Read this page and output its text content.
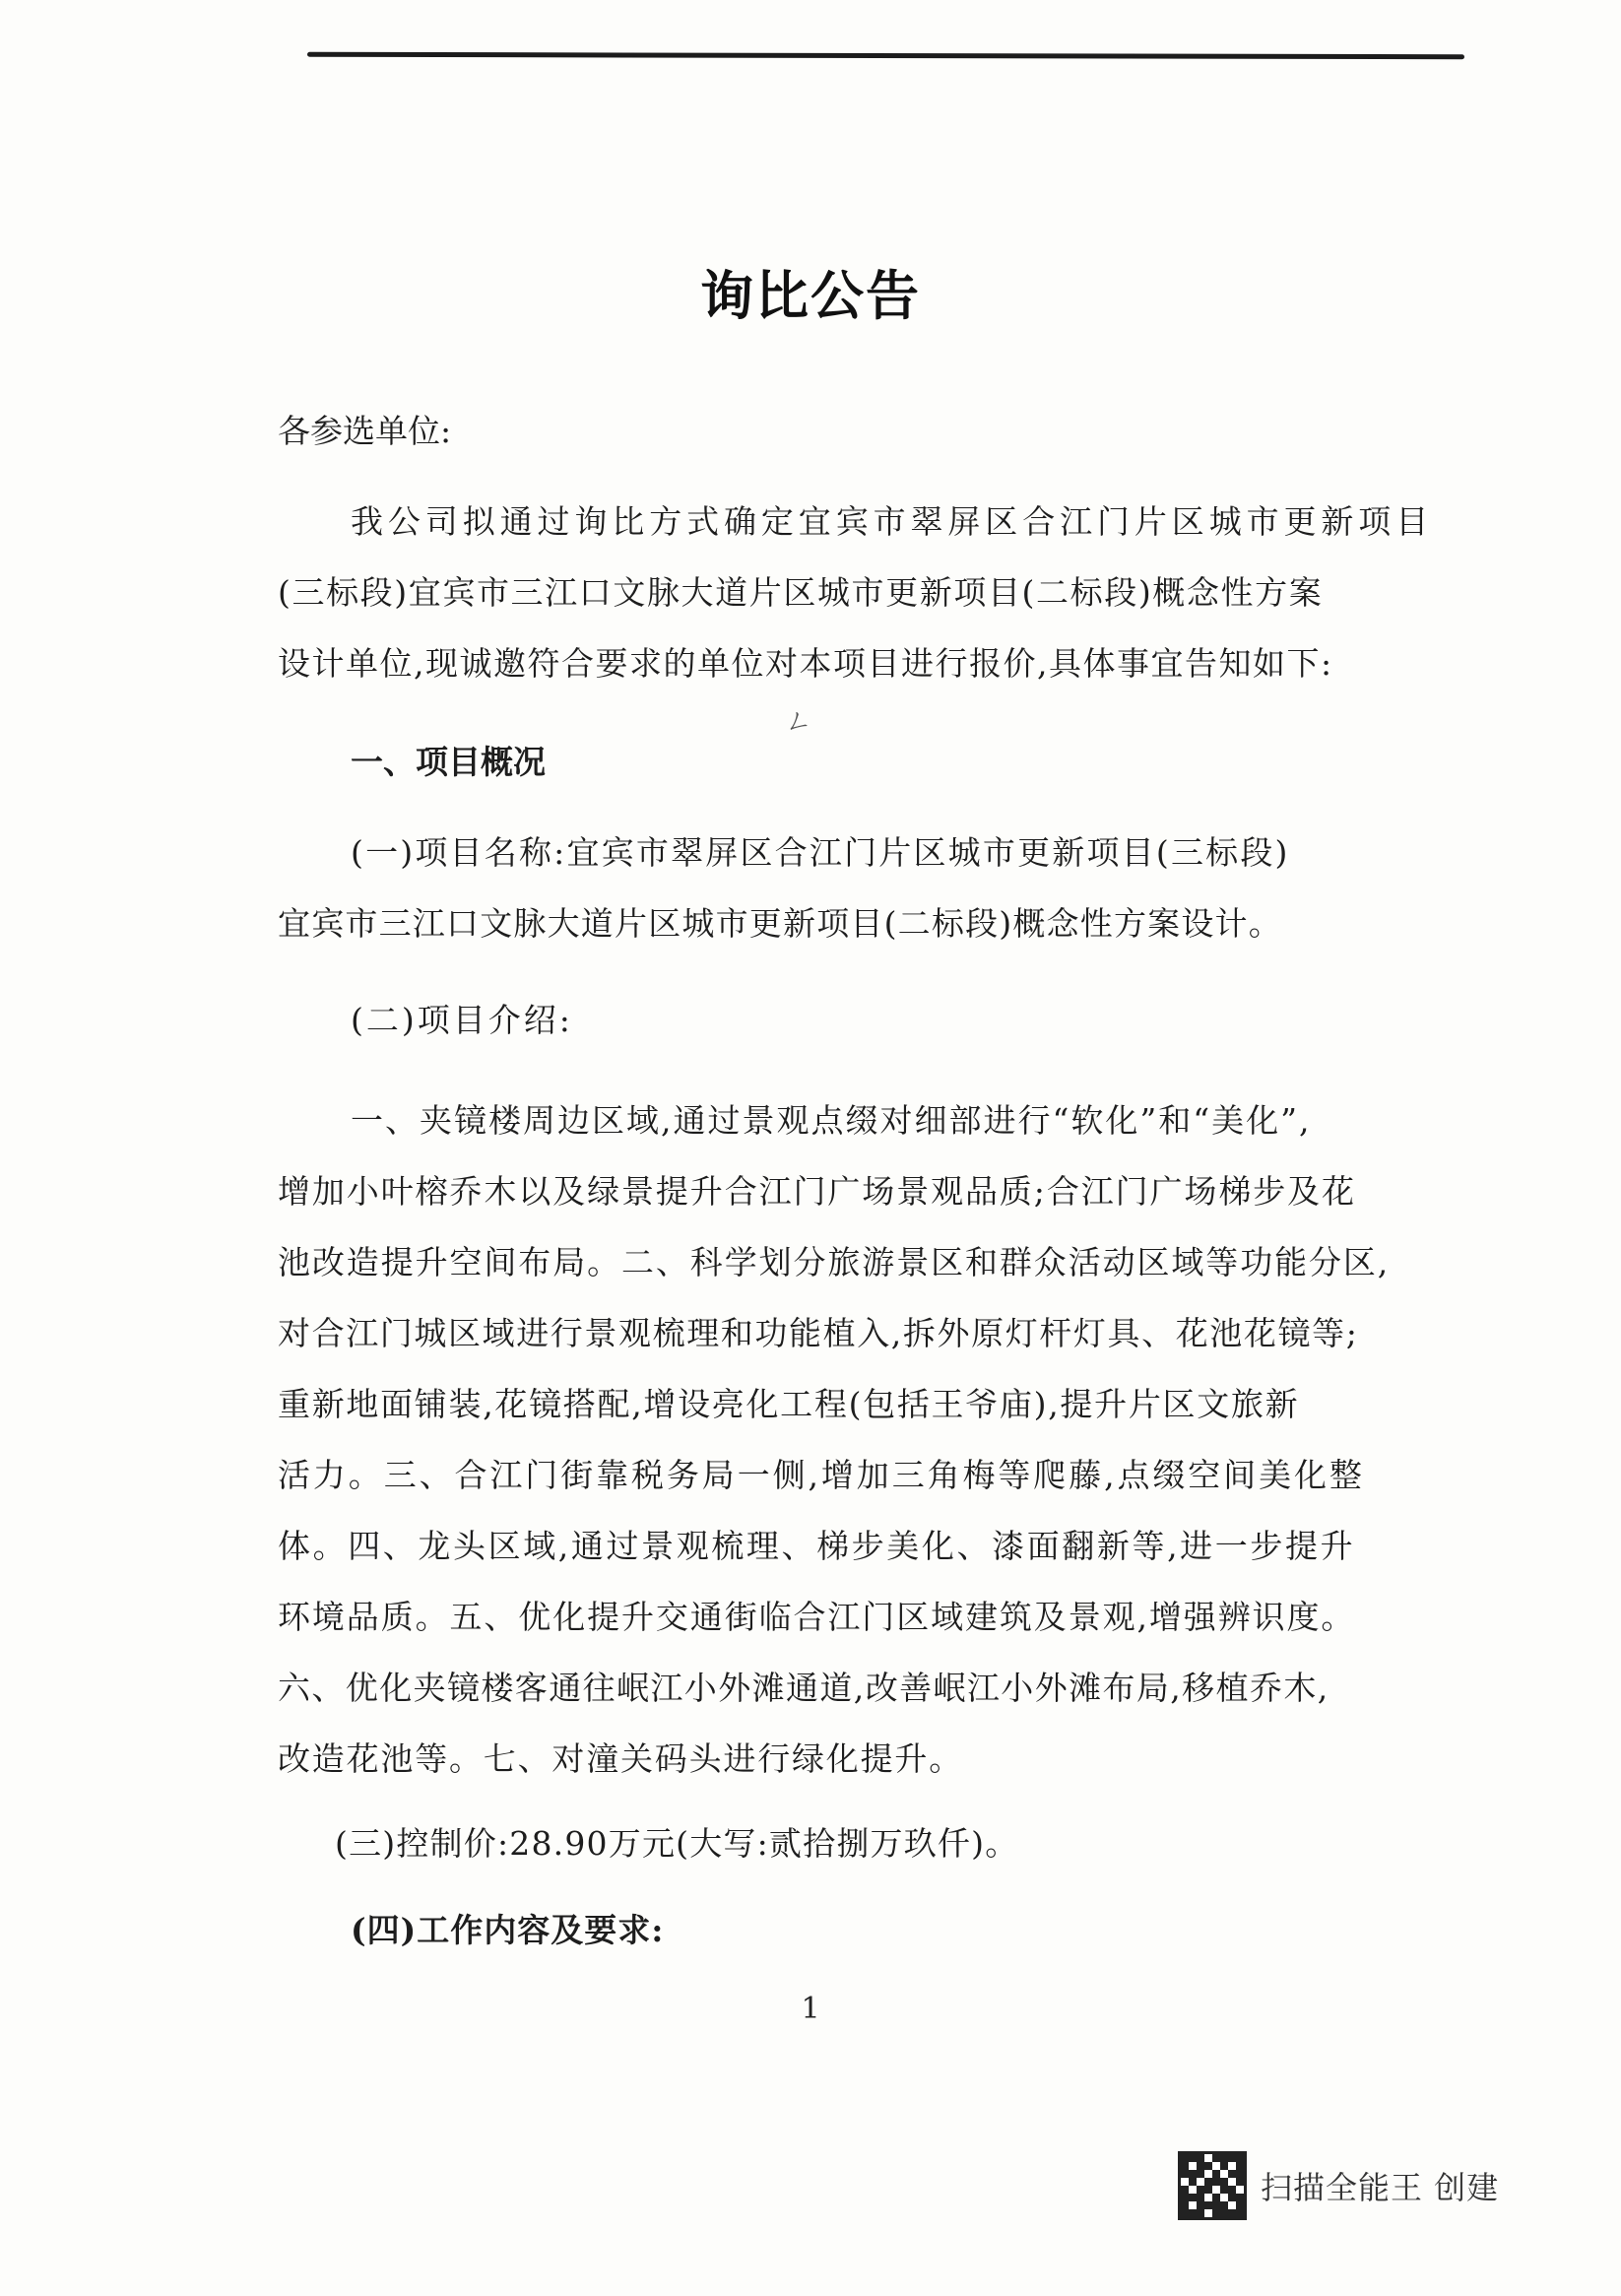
询比公告
各参选单位:
我公司拟通过询比方式确定宜宾市翠屏区合江门片区城市更新项目
(三标段)宜宾市三江口文脉大道片区城市更新项目(二标段)概念性方案
设计单位,现诚邀符合要求的单位对本项目进行报价,具体事宜告知如下:
ㄥ
一、项目概况
(一)项目名称:宜宾市翠屏区合江门片区城市更新项目(三标段)
宜宾市三江口文脉大道片区城市更新项目(二标段)概念性方案设计。
(二)项目介绍:
一、夹镜楼周边区域,通过景观点缀对细部进行“软化”和“美化”,
增加小叶榕乔木以及绿景提升合江门广场景观品质;合江门广场梯步及花
池改造提升空间布局。二、科学划分旅游景区和群众活动区域等功能分区,
对合江门城区域进行景观梳理和功能植入,拆外原灯杆灯具、花池花镜等;
重新地面铺装,花镜搭配,增设亮化工程(包括王爷庙),提升片区文旅新
活力。三、合江门街靠税务局一侧,增加三角梅等爬藤,点缀空间美化整
体。四、龙头区域,通过景观梳理、梯步美化、漆面翻新等,进一步提升
环境品质。五、优化提升交通街临合江门区域建筑及景观,增强辨识度。
六、优化夹镜楼客通往岷江小外滩通道,改善岷江小外滩布局,移植乔木,
改造花池等。七、对潼关码头进行绿化提升。
(三)控制价:28.90万元(大写:贰拾捌万玖仟)。
(四)工作内容及要求:
1
扫描全能王 创建
